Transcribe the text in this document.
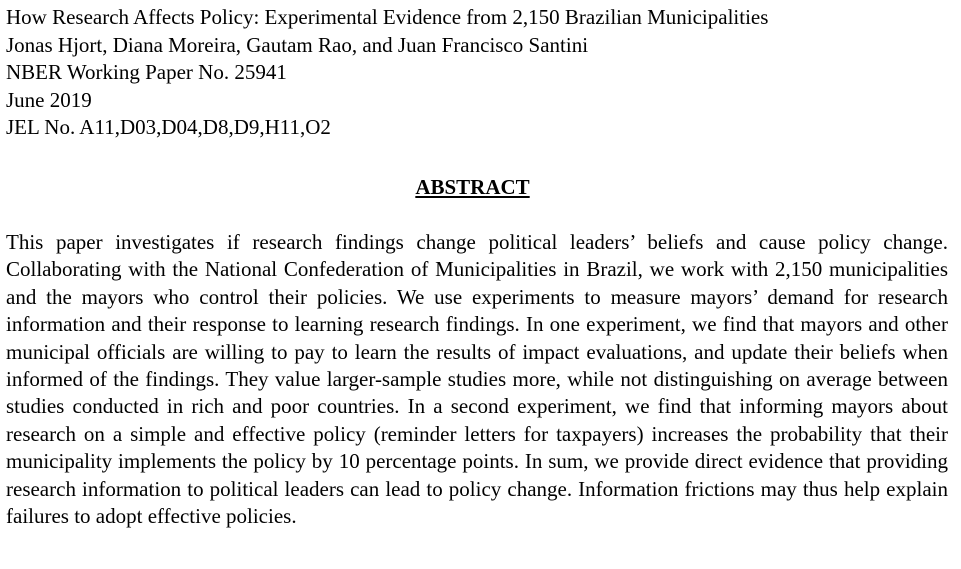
How Research Affects Policy: Experimental Evidence from 2,150 Brazilian Municipalities
Jonas Hjort, Diana Moreira, Gautam Rao, and Juan Francisco Santini
NBER Working Paper No. 25941
June 2019
JEL No. A11,D03,D04,D8,D9,H11,O2
ABSTRACT

This paper investigates if research findings change political leaders’ beliefs and cause policy change. Collaborating with the National Confederation of Municipalities in Brazil, we work with 2,150 municipalities and the mayors who control their policies. We use experiments to measure mayors’ demand for research information and their response to learning research findings. In one experiment, we find that mayors and other municipal officials are willing to pay to learn the results of impact evaluations, and update their beliefs when informed of the findings. They value larger-sample studies more, while not distinguishing on average between studies conducted in rich and poor countries. In a second experiment, we find that informing mayors about research on a simple and effective policy (reminder letters for taxpayers) increases the probability that their municipality implements the policy by 10 percentage points. In sum, we provide direct evidence that providing research information to political leaders can lead to policy change. Information frictions may thus help explain failures to adopt effective policies.
